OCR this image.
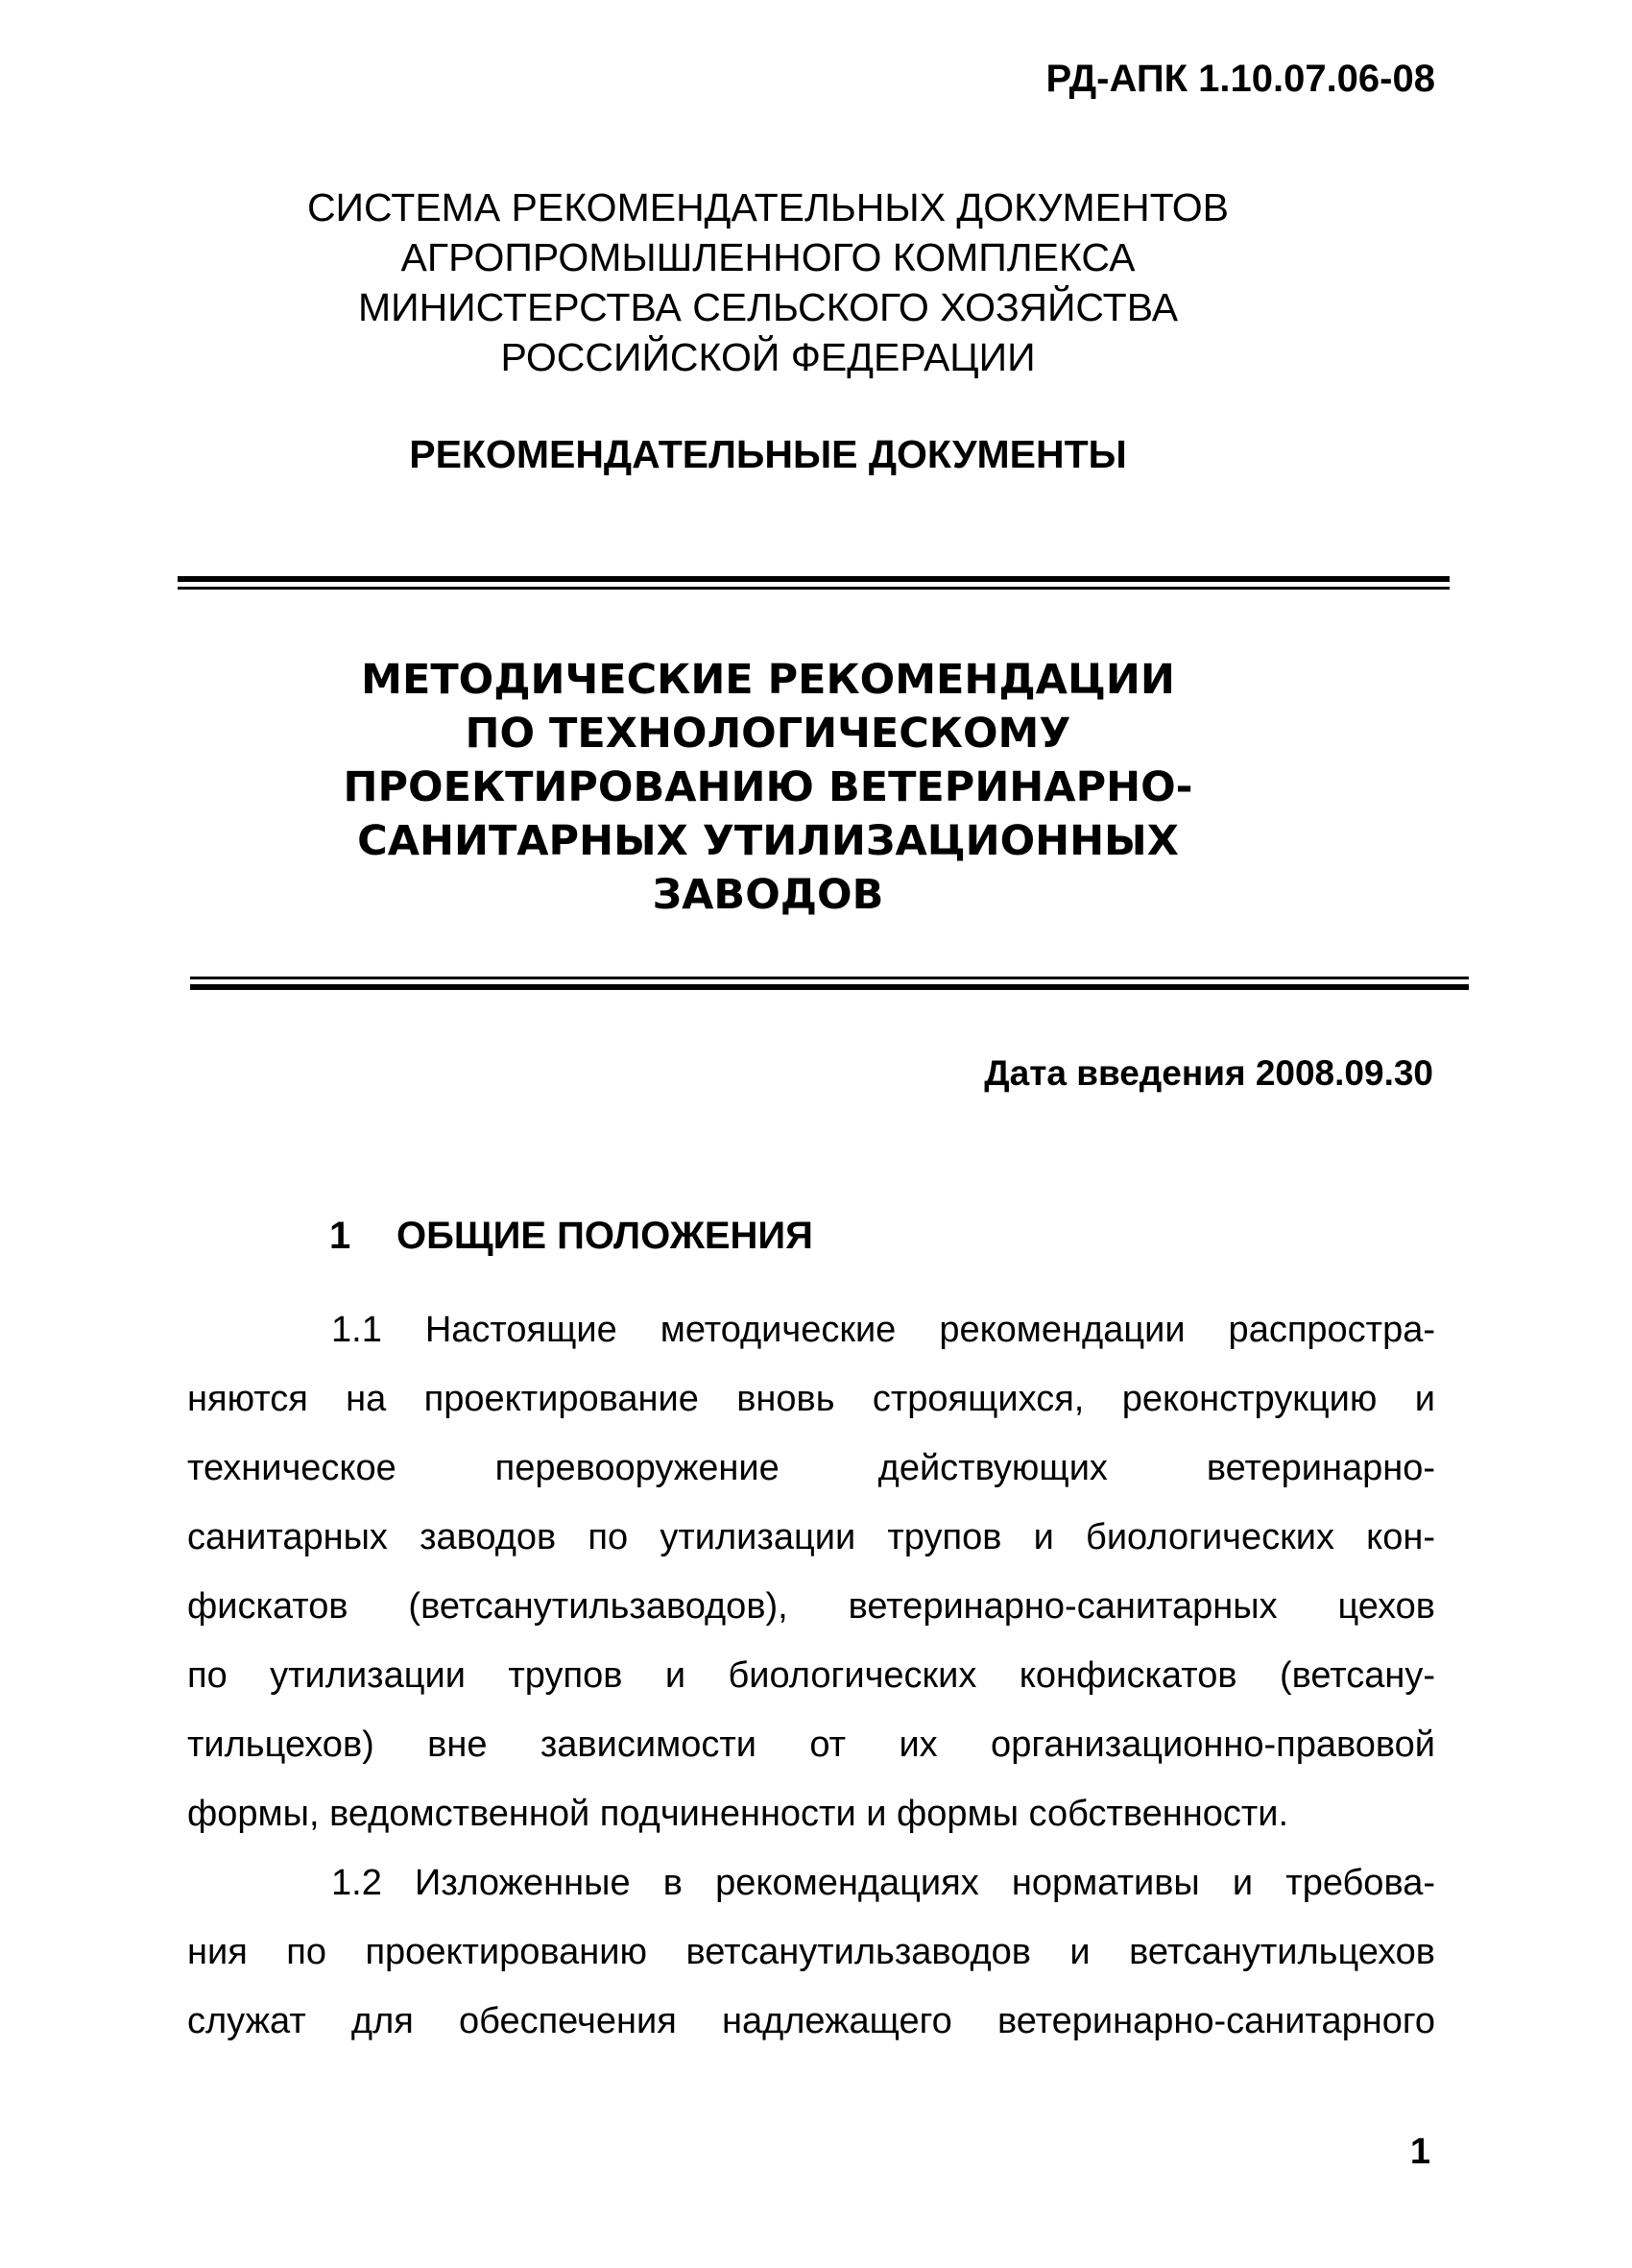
РД-АПК 1.10.07.06-08
СИСТЕМА РЕКОМЕНДАТЕЛЬНЫХ ДОКУМЕНТОВ
АГРОПРОМЫШЛЕННОГО КОМПЛЕКСА
МИНИСТЕРСТВА СЕЛЬСКОГО ХОЗЯЙСТВА
РОССИЙСКОЙ ФЕДЕРАЦИИ
РЕКОМЕНДАТЕЛЬНЫЕ ДОКУМЕНТЫ
МЕТОДИЧЕСКИЕ РЕКОМЕНДАЦИИ
ПО ТЕХНОЛОГИЧЕСКОМУ
ПРОЕКТИРОВАНИЮ ВЕТЕРИНАРНО-
САНИТАРНЫХ УТИЛИЗАЦИОННЫХ
ЗАВОДОВ
Дата введения 2008.09.30
1 ОБЩИЕ ПОЛОЖЕНИЯ
1.1 Настоящие методические рекомендации распростра-
няются на проектирование вновь строящихся, реконструкцию и
техническое перевооружение действующих ветеринарно-
санитарных заводов по утилизации трупов и биологических кон-
фискатов (ветсанутильзаводов), ветеринарно-санитарных цехов
по утилизации трупов и биологических конфискатов (ветсану-
тильцехов) вне зависимости от их организационно-правовой
формы, ведомственной подчиненности и формы собственности.
1.2 Изложенные в рекомендациях нормативы и требова-
ния по проектированию ветсанутильзаводов и ветсанутильцехов
служат для обеспечения надлежащего ветеринарно-санитарного
1
